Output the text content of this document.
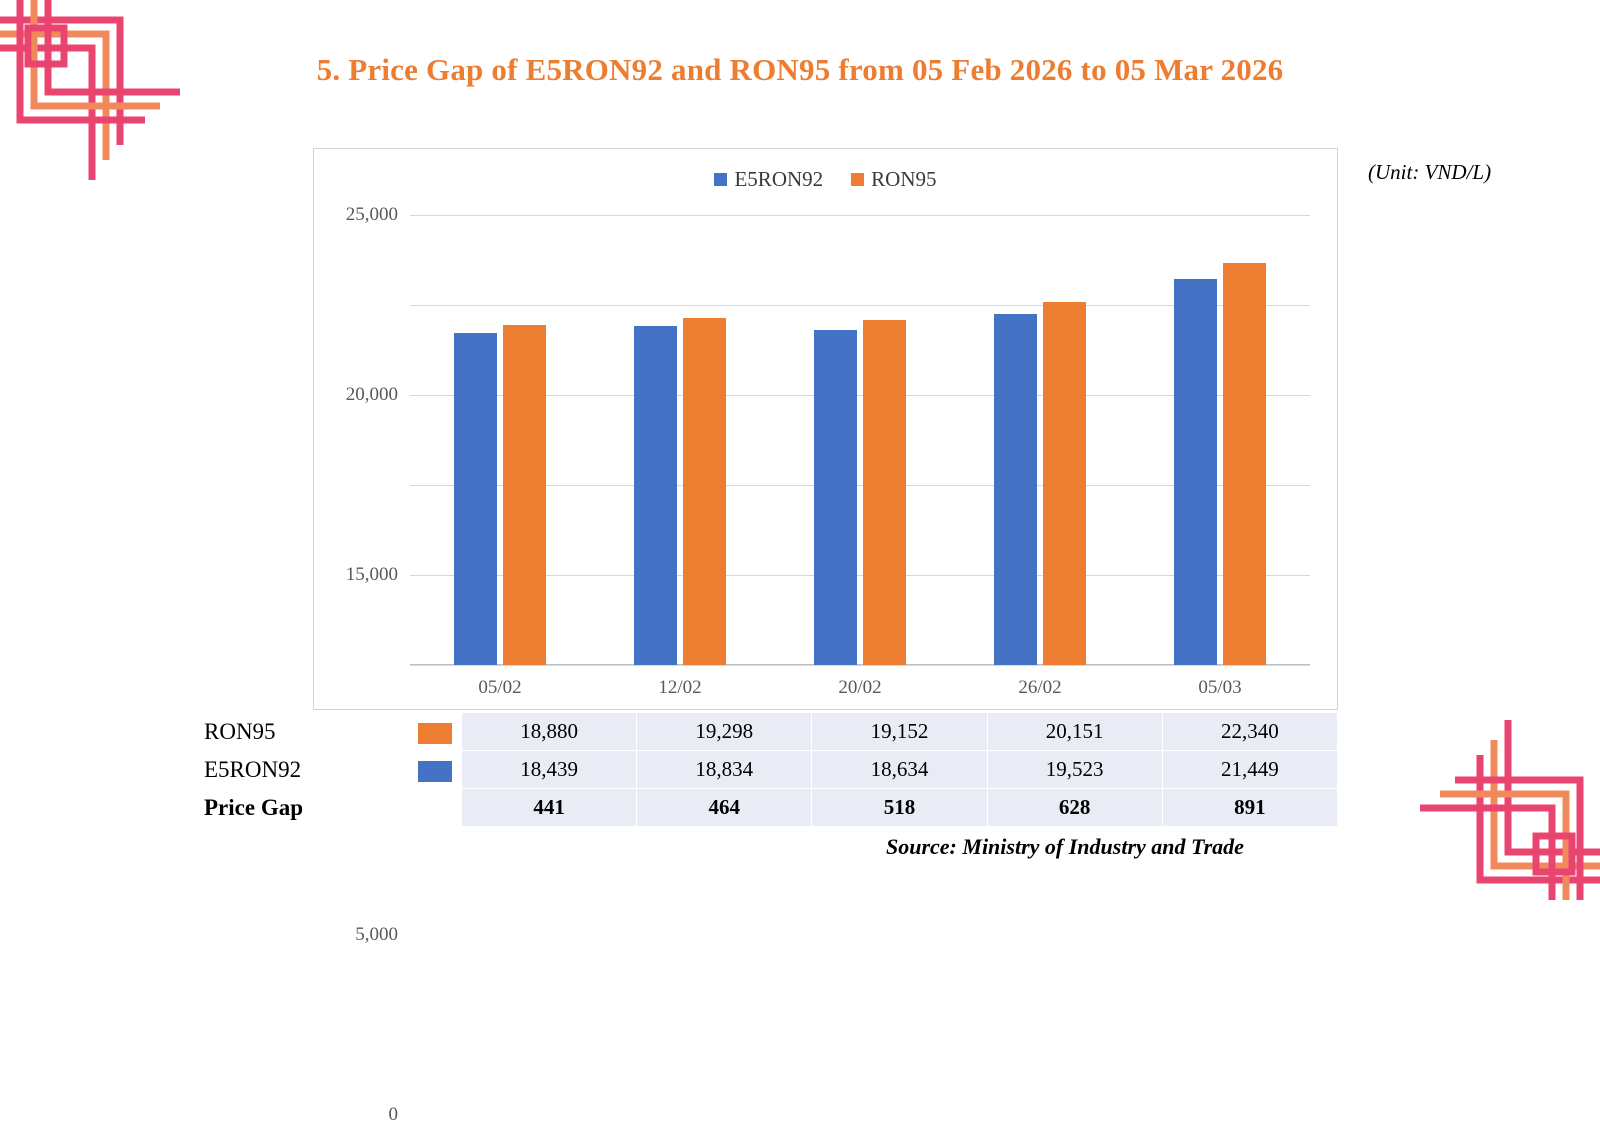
5. Price Gap of E5RON92 and RON95 from 05 Feb 2026 to 05 Mar 2026
(Unit: VND/L)
E5RON92 RON95
0
5,000
15,000
20,000
25,000
05/02	12/02	20/02	26/02	05/03
RON95		18,880	19,298	19,152	20,151	22,340
E5RON92		18,439	18,834	18,634	19,523	21,449
Price Gap		441	464	518	628	891
Source: Ministry of Industry and Trade
